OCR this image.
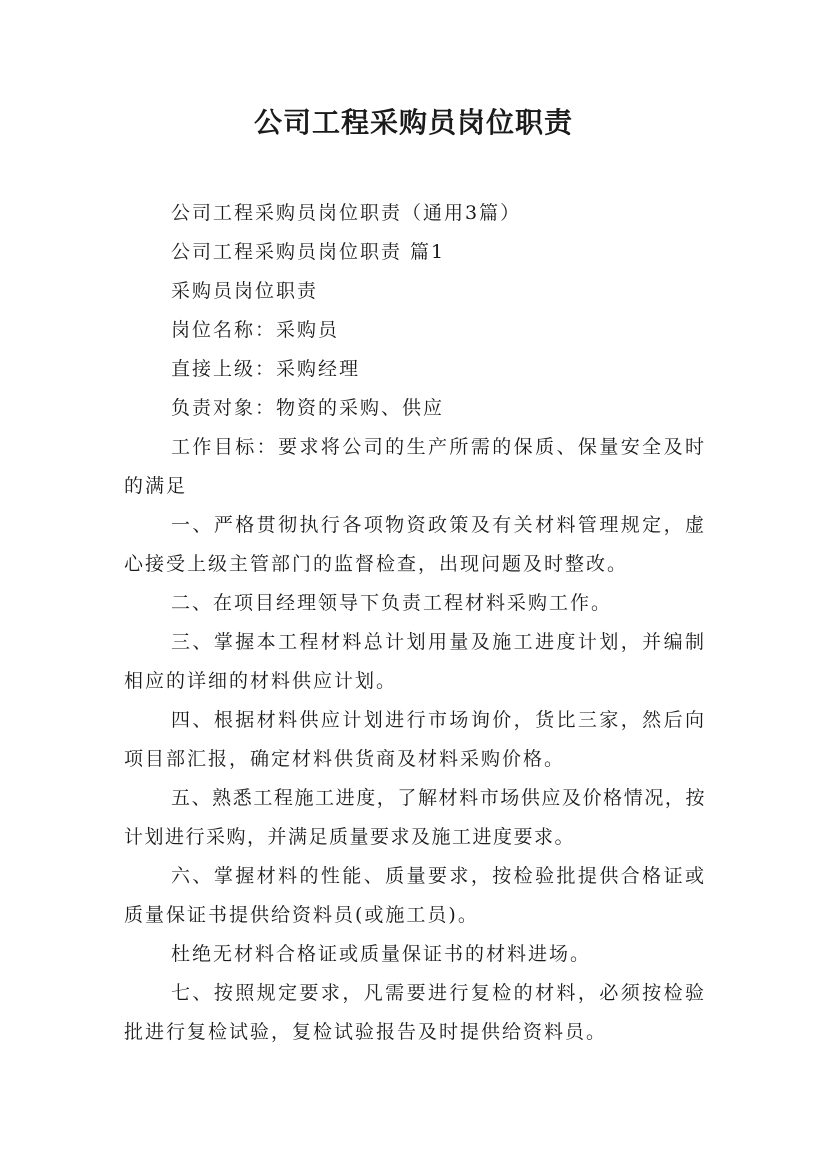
公司工程采购员岗位职责

公司工程采购员岗位职责（通用3篇）

公司工程采购员岗位职责 篇1

采购员岗位职责

岗位名称：采购员

直接上级：采购经理

负责对象：物资的采购、供应

工作目标：要求将公司的生产所需的保质、保量安全及时的满足

一、严格贯彻执行各项物资政策及有关材料管理规定，虚心接受上级主管部门的监督检查，出现问题及时整改。

二、在项目经理领导下负责工程材料采购工作。

三、掌握本工程材料总计划用量及施工进度计划，并编制相应的详细的材料供应计划。

四、根据材料供应计划进行市场询价，货比三家，然后向项目部汇报，确定材料供货商及材料采购价格。

五、熟悉工程施工进度，了解材料市场供应及价格情况，按计划进行采购，并满足质量要求及施工进度要求。

六、掌握材料的性能、质量要求，按检验批提供合格证或质量保证书提供给资料员(或施工员)。

杜绝无材料合格证或质量保证书的材料进场。

七、按照规定要求，凡需要进行复检的材料，必须按检验批进行复检试验，复检试验报告及时提供给资料员。
